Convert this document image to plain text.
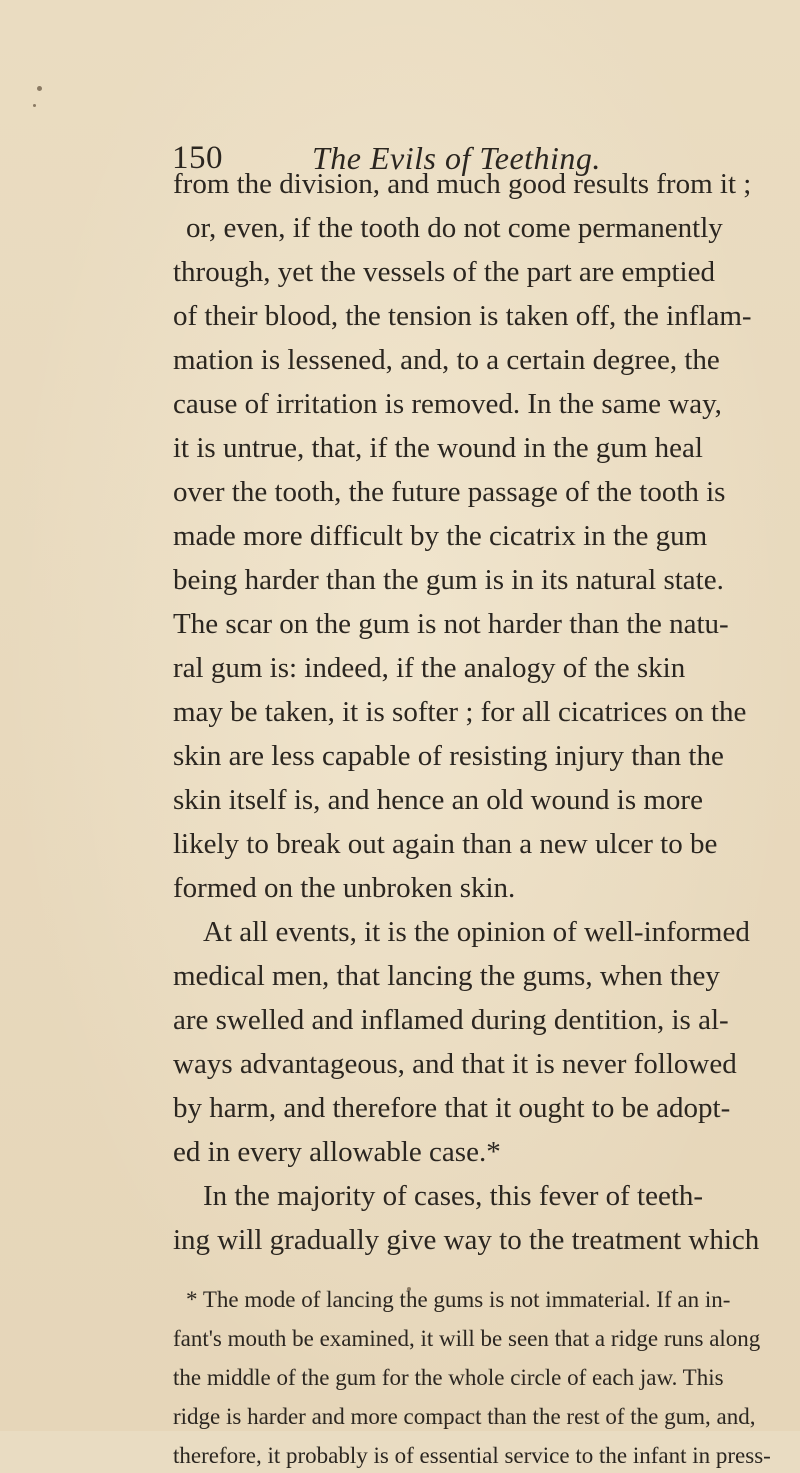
150	The Evils of Teething.
from the division, and much good results from it ;
or, even, if the tooth do not come permanently
through, yet the vessels of the part are emptied
of their blood, the tension is taken off, the inflam-
mation is lessened, and, to a certain degree, the
cause of irritation is removed. In the same way,
it is untrue, that, if the wound in the gum heal
over the tooth, the future passage of the tooth is
made more difficult by the cicatrix in the gum
being harder than the gum is in its natural state.
The scar on the gum is not harder than the natu-
ral gum is: indeed, if the analogy of the skin
may be taken, it is softer ; for all cicatrices on the
skin are less capable of resisting injury than the
skin itself is, and hence an old wound is more
likely to break out again than a new ulcer to be
formed on the unbroken skin.
At all events, it is the opinion of well-informed
medical men, that lancing the gums, when they
are swelled and inflamed during dentition, is al-
ways advantageous, and that it is never followed
by harm, and therefore that it ought to be adopt-
ed in every allowable case.*
In the majority of cases, this fever of teeth-
ing will gradually give way to the treatment which
* The mode of lancing the gums is not immaterial. If an in-
fant's mouth be examined, it will be seen that a ridge runs along
the middle of the gum for the whole circle of each jaw. This
ridge is harder and more compact than the rest of the gum, and,
therefore, it probably is of essential service to the infant in press-
